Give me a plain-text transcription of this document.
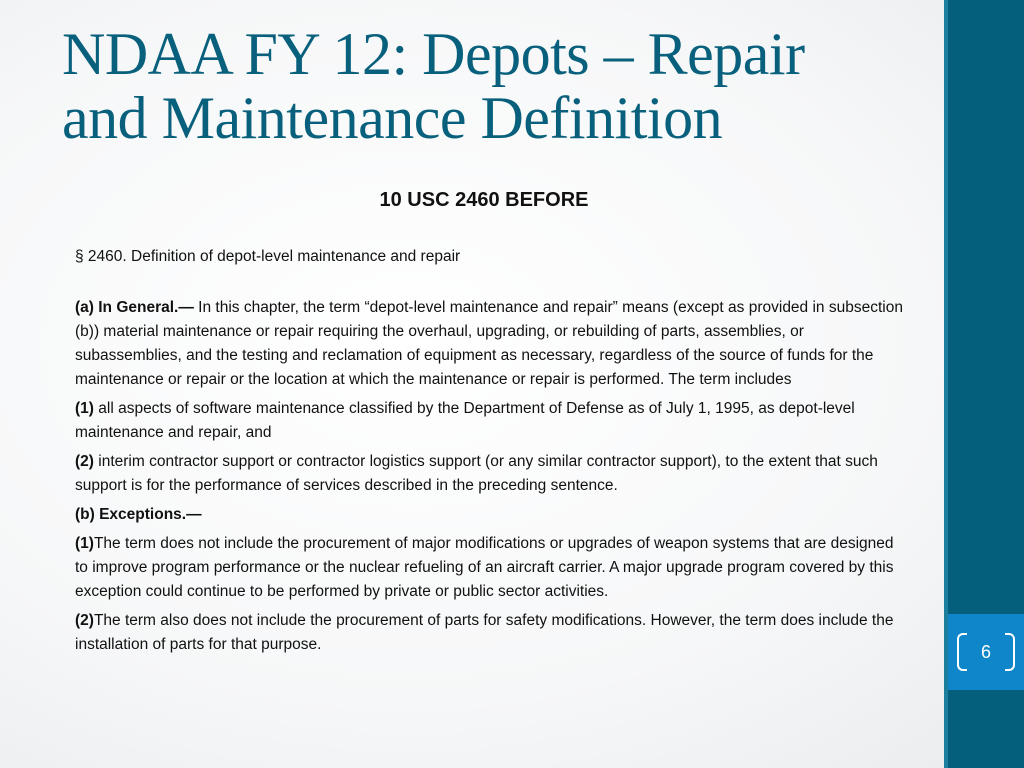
6
NDAA FY 12: Depots – Repair
and Maintenance Definition
10 USC 2460 BEFORE

§ 2460. Definition of depot-level maintenance and repair

(a) In General.— In this chapter, the term “depot-level maintenance and repair” means (except as provided in subsection (b)) material maintenance or repair requiring the overhaul, upgrading, or rebuilding of parts, assemblies, or subassemblies, and the testing and reclamation of equipment as necessary, regardless of the source of funds for the maintenance or repair or the location at which the maintenance or repair is performed. The term includes

(1) all aspects of software maintenance classified by the Department of Defense as of July 1, 1995, as depot-level maintenance and repair, and

(2) interim contractor support or contractor logistics support (or any similar contractor support), to the extent that such support is for the performance of services described in the preceding sentence.

(b) Exceptions.—

(1)The term does not include the procurement of major modifications or upgrades of weapon systems that are designed to improve program performance or the nuclear refueling of an aircraft carrier. A major upgrade program covered by this exception could continue to be performed by private or public sector activities.

(2)The term also does not include the procurement of parts for safety modifications. However, the term does include the installation of parts for that purpose.
